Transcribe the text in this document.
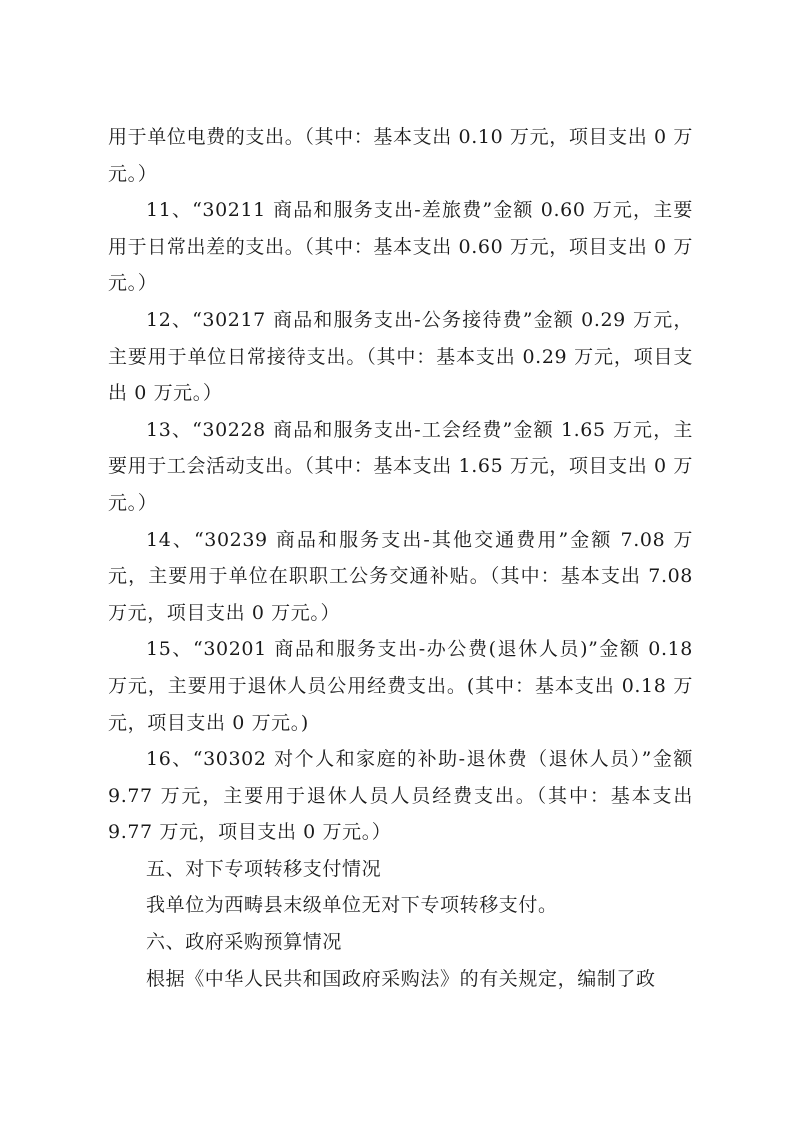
用于单位电费的支出。（其中：基本支出 0.10 万元，项目支出 0 万元。）

11、“30211 商品和服务支出-差旅费”金额 0.60 万元，主要用于日常出差的支出。（其中：基本支出 0.60 万元，项目支出 0 万元。）

12、“30217 商品和服务支出-公务接待费”金额 0.29 万元，主要用于单位日常接待支出。（其中：基本支出 0.29 万元，项目支出 0 万元。）

13、“30228 商品和服务支出-工会经费”金额 1.65 万元，主要用于工会活动支出。（其中：基本支出 1.65 万元，项目支出 0 万元。）

14、“30239 商品和服务支出-其他交通费用”金额 7.08 万元，主要用于单位在职职工公务交通补贴。（其中：基本支出 7.08 万元，项目支出 0 万元。）

15、“30201 商品和服务支出-办公费(退休人员)”金额 0.18 万元，主要用于退休人员公用经费支出。(其中：基本支出 0.18 万元，项目支出 0 万元。)

16、“30302 对个人和家庭的补助-退休费（退休人员）”金额 9.77 万元，主要用于退休人员人员经费支出。（其中：基本支出 9.77 万元，项目支出 0 万元。）

五、对下专项转移支付情况

我单位为西畴县末级单位无对下专项转移支付。

六、政府采购预算情况

根据《中华人民共和国政府采购法》的有关规定，编制了政
